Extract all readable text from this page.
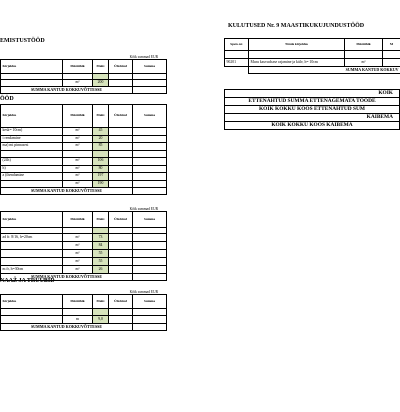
EMISTUSTÖÖD
Kõik summad EUR
Kirjeldus	Mõõtühik	Maht	Ühi.hind	Summa

	m²	200		
SUMMA KANTUD KOKKUVÕTTESSE				
ÖÖD
Kirjeldus	Mõõtühik	Maht	Ühi.hind	Summa
kesk= 10cm)	m²	45		
i rendamine	m²	20		
ma) mt pinnasest	m²	85		

(24h)	m²	106		
h)	m²	80		
a (ihendamine	m²	197		
	m²	190		
SUMMA KANTUD KOKKUVÕTTESSE				
Kõik summad EUR
Kirjeldus	Mõõtühik	Maht	Ühi.hind	Summa

ad fr. 8/16, h=20cm	m²	73		
	m²	84		
	m²	55		
	m²	55		
m fr, h=30cm	m²	26		
SUMMA KANTUD KOKKUVÕTTESSE				
NAAŽ JA TRUUBID
Kõik summad EUR
Kirjeldus	Mõõtühik	Maht	Ühi.hind	Summa

	m	9,0		
SUMMA KANTUD KOKKUVÕTTESSE				
KULUTUSED Nr. 9 MAASTIKUKUJUNDUSTÖÖD
Spets.nr.	Tööde kirjeldus	Mõõtühik	M

90201	Muru kasvuchase rajamine ja külv, h= 10cm	m²	
	SUMMA KANTUD KOKKUV		
KÕIK
ETTENÄHTUD SUMMA ETTENÄGEMATA TÖÖDE
KÕIK KOKKU KOOS ETTENÄHTUD SUM
KÄIBEMA
KÕIK KOKKU KOOS KÄIBEMA
